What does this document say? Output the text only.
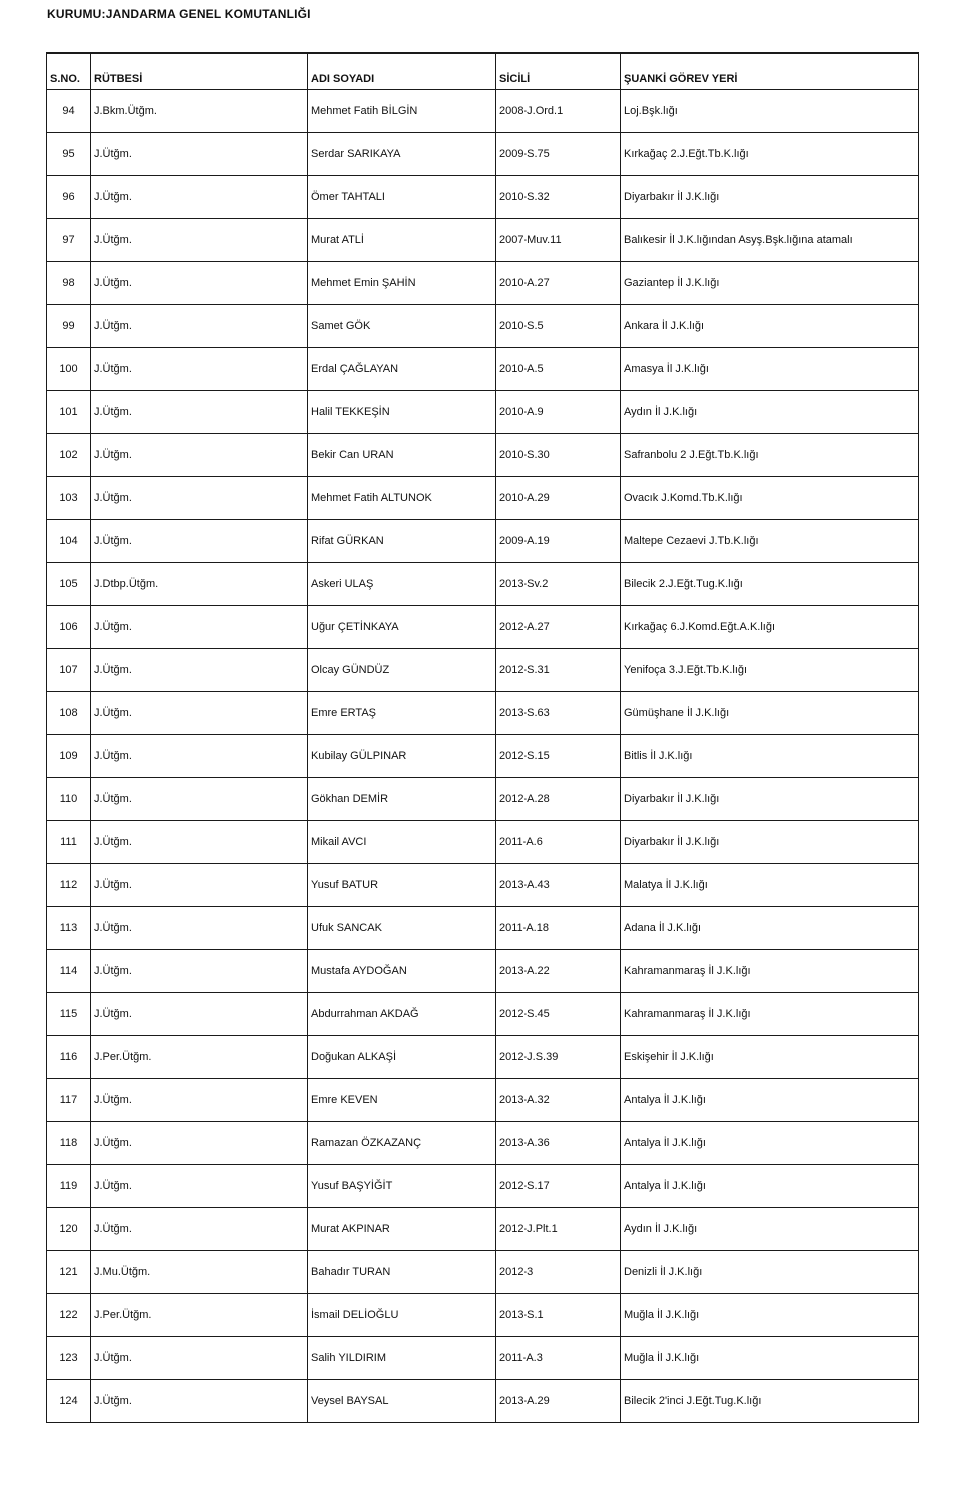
KURUMU:JANDARMA GENEL KOMUTANLIĞI
S.NO.	RÜTBESİ	ADI SOYADI	SİCİLİ	ŞUANKİ GÖREV YERİ
94	J.Bkm.Ütğm.	Mehmet Fatih BİLGİN	2008-J.Ord.1	Loj.Bşk.lığı
95	J.Ütğm.	Serdar SARIKAYA	2009-S.75	Kırkağaç 2.J.Eğt.Tb.K.lığı
96	J.Ütğm.	Ömer TAHTALI	2010-S.32	Diyarbakır İl J.K.lığı
97	J.Ütğm.	Murat ATLİ	2007-Muv.11	Balıkesir İl J.K.lığından Asyş.Bşk.lığına atamalı
98	J.Ütğm.	Mehmet Emin ŞAHİN	2010-A.27	Gaziantep İl J.K.lığı
99	J.Ütğm.	Samet GÖK	2010-S.5	Ankara İl J.K.lığı
100	J.Ütğm.	Erdal ÇAĞLAYAN	2010-A.5	Amasya İl J.K.lığı
101	J.Ütğm.	Halil TEKKEŞİN	2010-A.9	Aydın İl J.K.lığı
102	J.Ütğm.	Bekir Can URAN	2010-S.30	Safranbolu 2 J.Eğt.Tb.K.lığı
103	J.Ütğm.	Mehmet Fatih ALTUNOK	2010-A.29	Ovacık J.Komd.Tb.K.lığı
104	J.Ütğm.	Rifat GÜRKAN	2009-A.19	Maltepe Cezaevi J.Tb.K.lığı
105	J.Dtbp.Ütğm.	Askeri ULAŞ	2013-Sv.2	Bilecik 2.J.Eğt.Tug.K.lığı
106	J.Ütğm.	Uğur ÇETİNKAYA	2012-A.27	Kırkağaç 6.J.Komd.Eğt.A.K.lığı
107	J.Ütğm.	Olcay GÜNDÜZ	2012-S.31	Yenifoça 3.J.Eğt.Tb.K.lığı
108	J.Ütğm.	Emre ERTAŞ	2013-S.63	Gümüşhane İl J.K.lığı
109	J.Ütğm.	Kubilay GÜLPINAR	2012-S.15	Bitlis İl J.K.lığı
110	J.Ütğm.	Gökhan DEMİR	2012-A.28	Diyarbakır İl J.K.lığı
111	J.Ütğm.	Mikail AVCI	2011-A.6	Diyarbakır İl J.K.lığı
112	J.Ütğm.	Yusuf BATUR	2013-A.43	Malatya İl J.K.lığı
113	J.Ütğm.	Ufuk SANCAK	2011-A.18	Adana İl J.K.lığı
114	J.Ütğm.	Mustafa AYDOĞAN	2013-A.22	Kahramanmaraş İl J.K.lığı
115	J.Ütğm.	Abdurrahman AKDAĞ	2012-S.45	Kahramanmaraş İl J.K.lığı
116	J.Per.Ütğm.	Doğukan ALKAŞİ	2012-J.S.39	Eskişehir İl J.K.lığı
117	J.Ütğm.	Emre KEVEN	2013-A.32	Antalya İl J.K.lığı
118	J.Ütğm.	Ramazan ÖZKAZANÇ	2013-A.36	Antalya İl J.K.lığı
119	J.Ütğm.	Yusuf BAŞYİĞİT	2012-S.17	Antalya İl J.K.lığı
120	J.Ütğm.	Murat AKPINAR	2012-J.Plt.1	Aydın İl J.K.lığı
121	J.Mu.Ütğm.	Bahadır TURAN	2012-3	Denizli İl J.K.lığı
122	J.Per.Ütğm.	İsmail DELİOĞLU	2013-S.1	Muğla İl J.K.lığı
123	J.Ütğm.	Salih YILDIRIM	2011-A.3	Muğla İl J.K.lığı
124	J.Ütğm.	Veysel BAYSAL	2013-A.29	Bilecik 2'inci J.Eğt.Tug.K.lığı
